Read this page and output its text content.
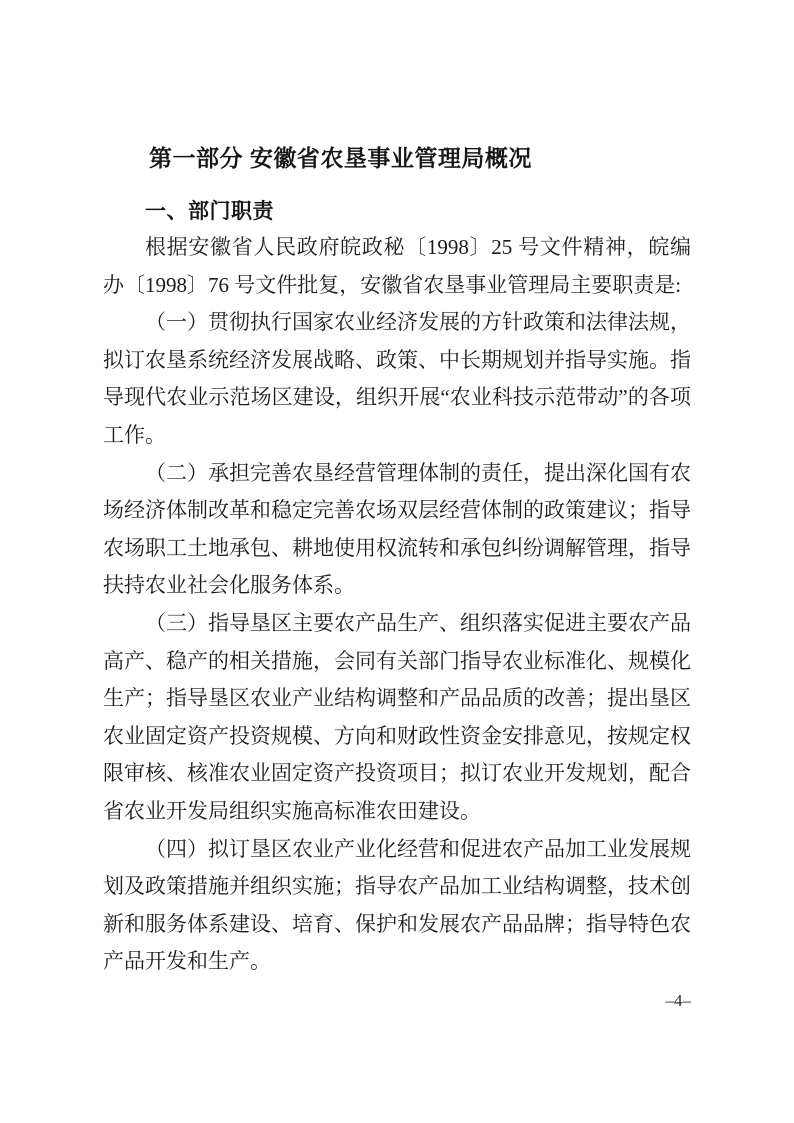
第一部分 安徽省农垦事业管理局概况
一、部门职责

根据安徽省人民政府皖政秘〔1998〕25 号文件精神，皖编办〔1998〕76 号文件批复，安徽省农垦事业管理局主要职责是:

（一）贯彻执行国家农业经济发展的方针政策和法律法规，拟订农垦系统经济发展战略、政策、中长期规划并指导实施。指导现代农业示范场区建设，组织开展“农业科技示范带动”的各项工作。

（二）承担完善农垦经营管理体制的责任，提出深化国有农场经济体制改革和稳定完善农场双层经营体制的政策建议；指导农场职工土地承包、耕地使用权流转和承包纠纷调解管理，指导扶持农业社会化服务体系。

（三）指导垦区主要农产品生产、组织落实促进主要农产品高产、稳产的相关措施，会同有关部门指导农业标准化、规模化生产；指导垦区农业产业结构调整和产品品质的改善；提出垦区农业固定资产投资规模、方向和财政性资金安排意见，按规定权限审核、核准农业固定资产投资项目；拟订农业开发规划，配合省农业开发局组织实施高标准农田建设。

（四）拟订垦区农业产业化经营和促进农产品加工业发展规划及政策措施并组织实施；指导农产品加工业结构调整，技术创新和服务体系建设、培育、保护和发展农产品品牌；指导特色农产品开发和生产。

–4–
